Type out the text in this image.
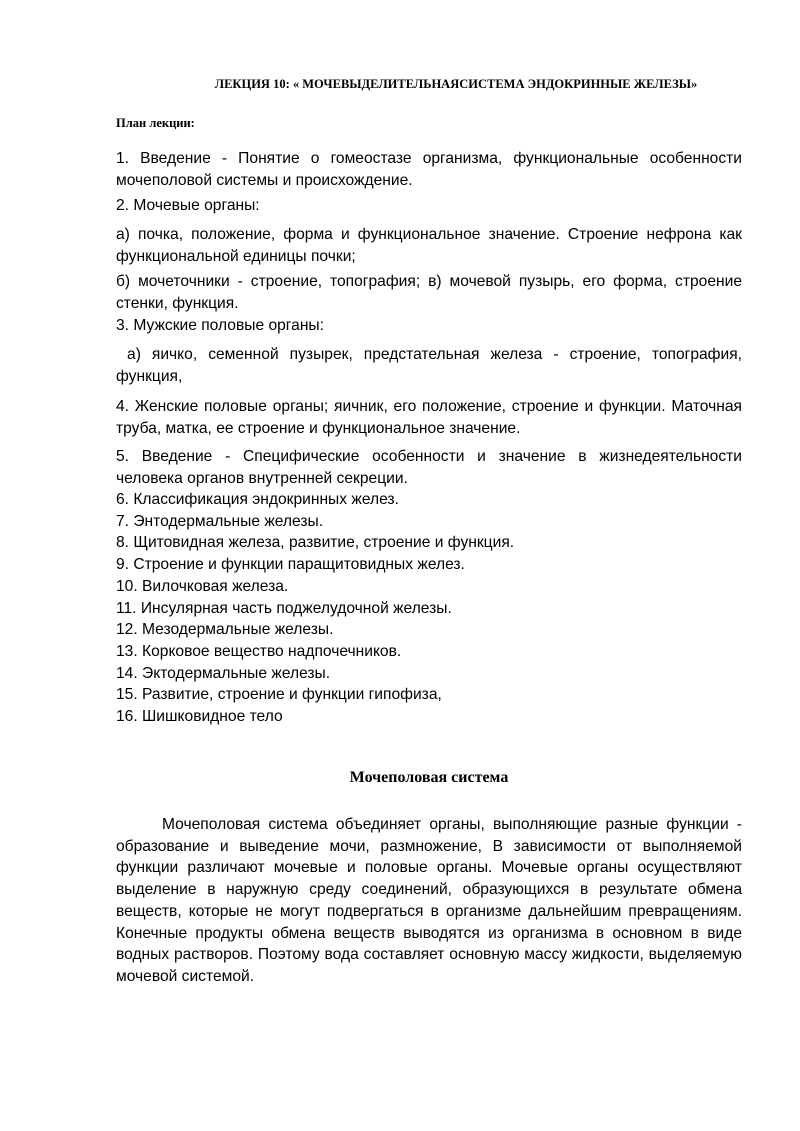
ЛЕКЦИЯ 10: « МОЧЕВЫДЕЛИТЕЛЬНАЯСИСТЕМА ЭНДОКРИННЫЕ ЖЕЛЕЗЫ»
План лекции:

1. Введение - Понятие о гомеостазе организма, функциональные особенности мочеполовой системы и происхождение.

2. Мочевые органы:

а) почка, положение, форма и функциональное значение. Строение нефрона как функциональной единицы почки;

б) мочеточники - строение, топография; в) мочевой пузырь, его форма, строение стенки, функция.

3. Мужские половые органы:

а) яичко, семенной пузырек, предстательная железа - строение, топография, функция,

4. Женские половые органы; яичник, его положение, строение и функции. Маточная труба, матка, ее строение и функциональное значение.

5. Введение - Специфические особенности и значение в жизнедеятельности человека органов внутренней секреции.

6. Классификация эндокринных желез.
7. Энтодермальные железы.
8. Щитовидная железа, развитие, строение и функция.
9. Строение и функции паращитовидных желез.
10. Вилочковая железа.
11. Инсулярная часть поджелудочной железы.
12. Мезодермальные железы.
13. Корковое вещество надпочечников.
14. Эктодермальные железы.
15. Развитие, строение и функции гипофиза,
16. Шишковидное тело
Мочеполовая система

Мочеполовая система объединяет органы, выполняющие разные функции - образование и выведение мочи, размножение, В зависимости от выполняемой функции различают мочевые и половые органы. Мочевые органы осуществляют выделение в наружную среду соединений, образующихся в результате обмена веществ, которые не могут подвергаться в организме дальнейшим превращениям. Конечные продукты обмена веществ выводятся из организма в основном в виде водных растворов. Поэтому вода составляет основную массу жидкости, выделяемую мочевой системой.
